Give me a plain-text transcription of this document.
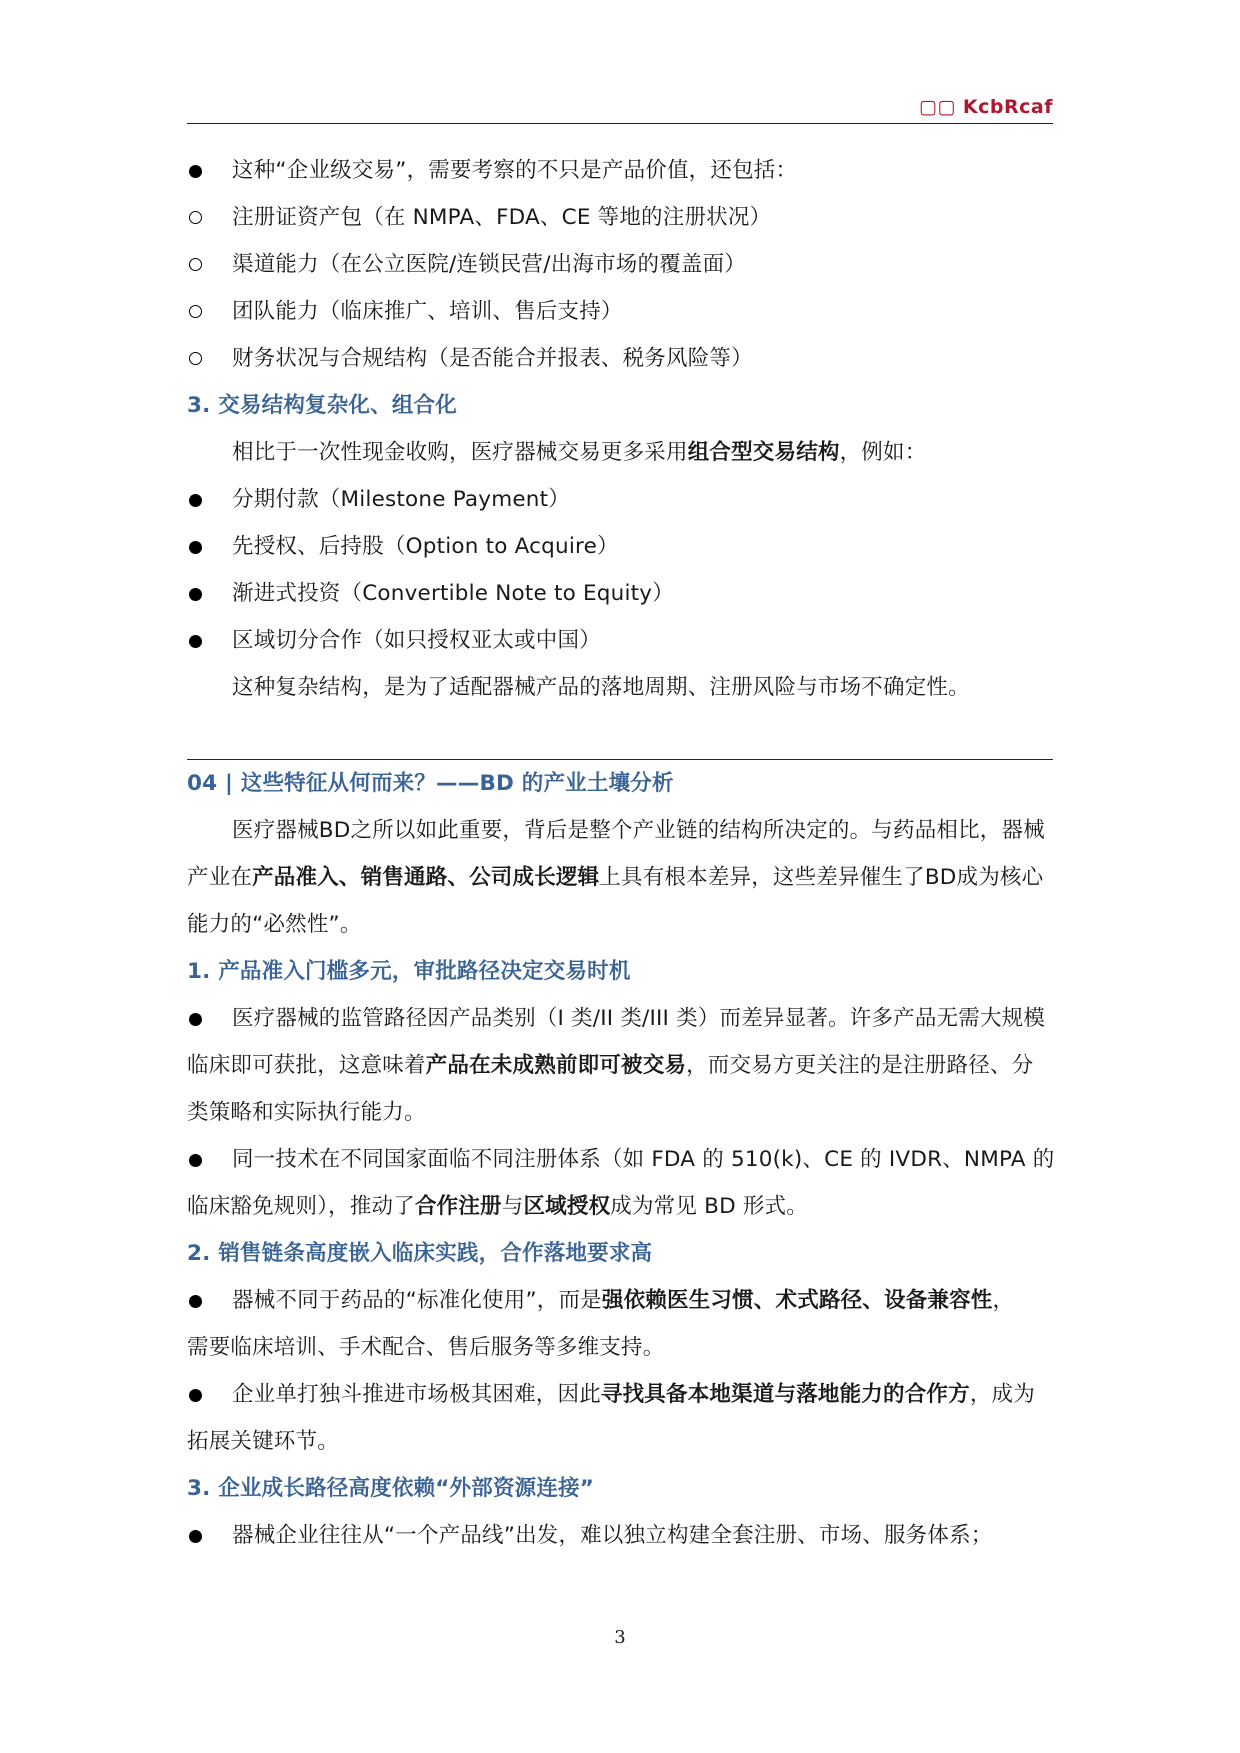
▢▢ KcbRcaf
这种“企业级交易”，需要考察的不只是产品价值，还包括：
注册证资产包（在 NMPA、FDA、CE 等地的注册状况）
渠道能力（在公立医院/连锁民营/出海市场的覆盖面）
团队能力（临床推广、培训、售后支持）
财务状况与合规结构（是否能合并报表、税务风险等）
3. 交易结构复杂化、组合化
相比于一次性现金收购，医疗器械交易更多采用组合型交易结构，例如：
分期付款（Milestone Payment）
先授权、后持股（Option to Acquire）
渐进式投资（Convertible Note to Equity）
区域切分合作（如只授权亚太或中国）
这种复杂结构，是为了适配器械产品的落地周期、注册风险与市场不确定性。
04 | 这些特征从何而来？——BD 的产业土壤分析
医疗器械BD之所以如此重要，背后是整个产业链的结构所决定的。与药品相比，器械
产业在产品准入、销售通路、公司成长逻辑上具有根本差异，这些差异催生了BD成为核心
能力的“必然性”。
1. 产品准入门槛多元，审批路径决定交易时机
医疗器械的监管路径因产品类别（I 类/II 类/III 类）而差异显著。许多产品无需大规模
临床即可获批，这意味着产品在未成熟前即可被交易，而交易方更关注的是注册路径、分
类策略和实际执行能力。
同一技术在不同国家面临不同注册体系（如 FDA 的 510(k)、CE 的 IVDR、NMPA 的
临床豁免规则），推动了合作注册与区域授权成为常见 BD 形式。
2. 销售链条高度嵌入临床实践，合作落地要求高
器械不同于药品的“标准化使用”，而是强依赖医生习惯、术式路径、设备兼容性，
需要临床培训、手术配合、售后服务等多维支持。
企业单打独斗推进市场极其困难，因此寻找具备本地渠道与落地能力的合作方，成为
拓展关键环节。
3. 企业成长路径高度依赖“外部资源连接”
器械企业往往从“一个产品线”出发，难以独立构建全套注册、市场、服务体系；
3
